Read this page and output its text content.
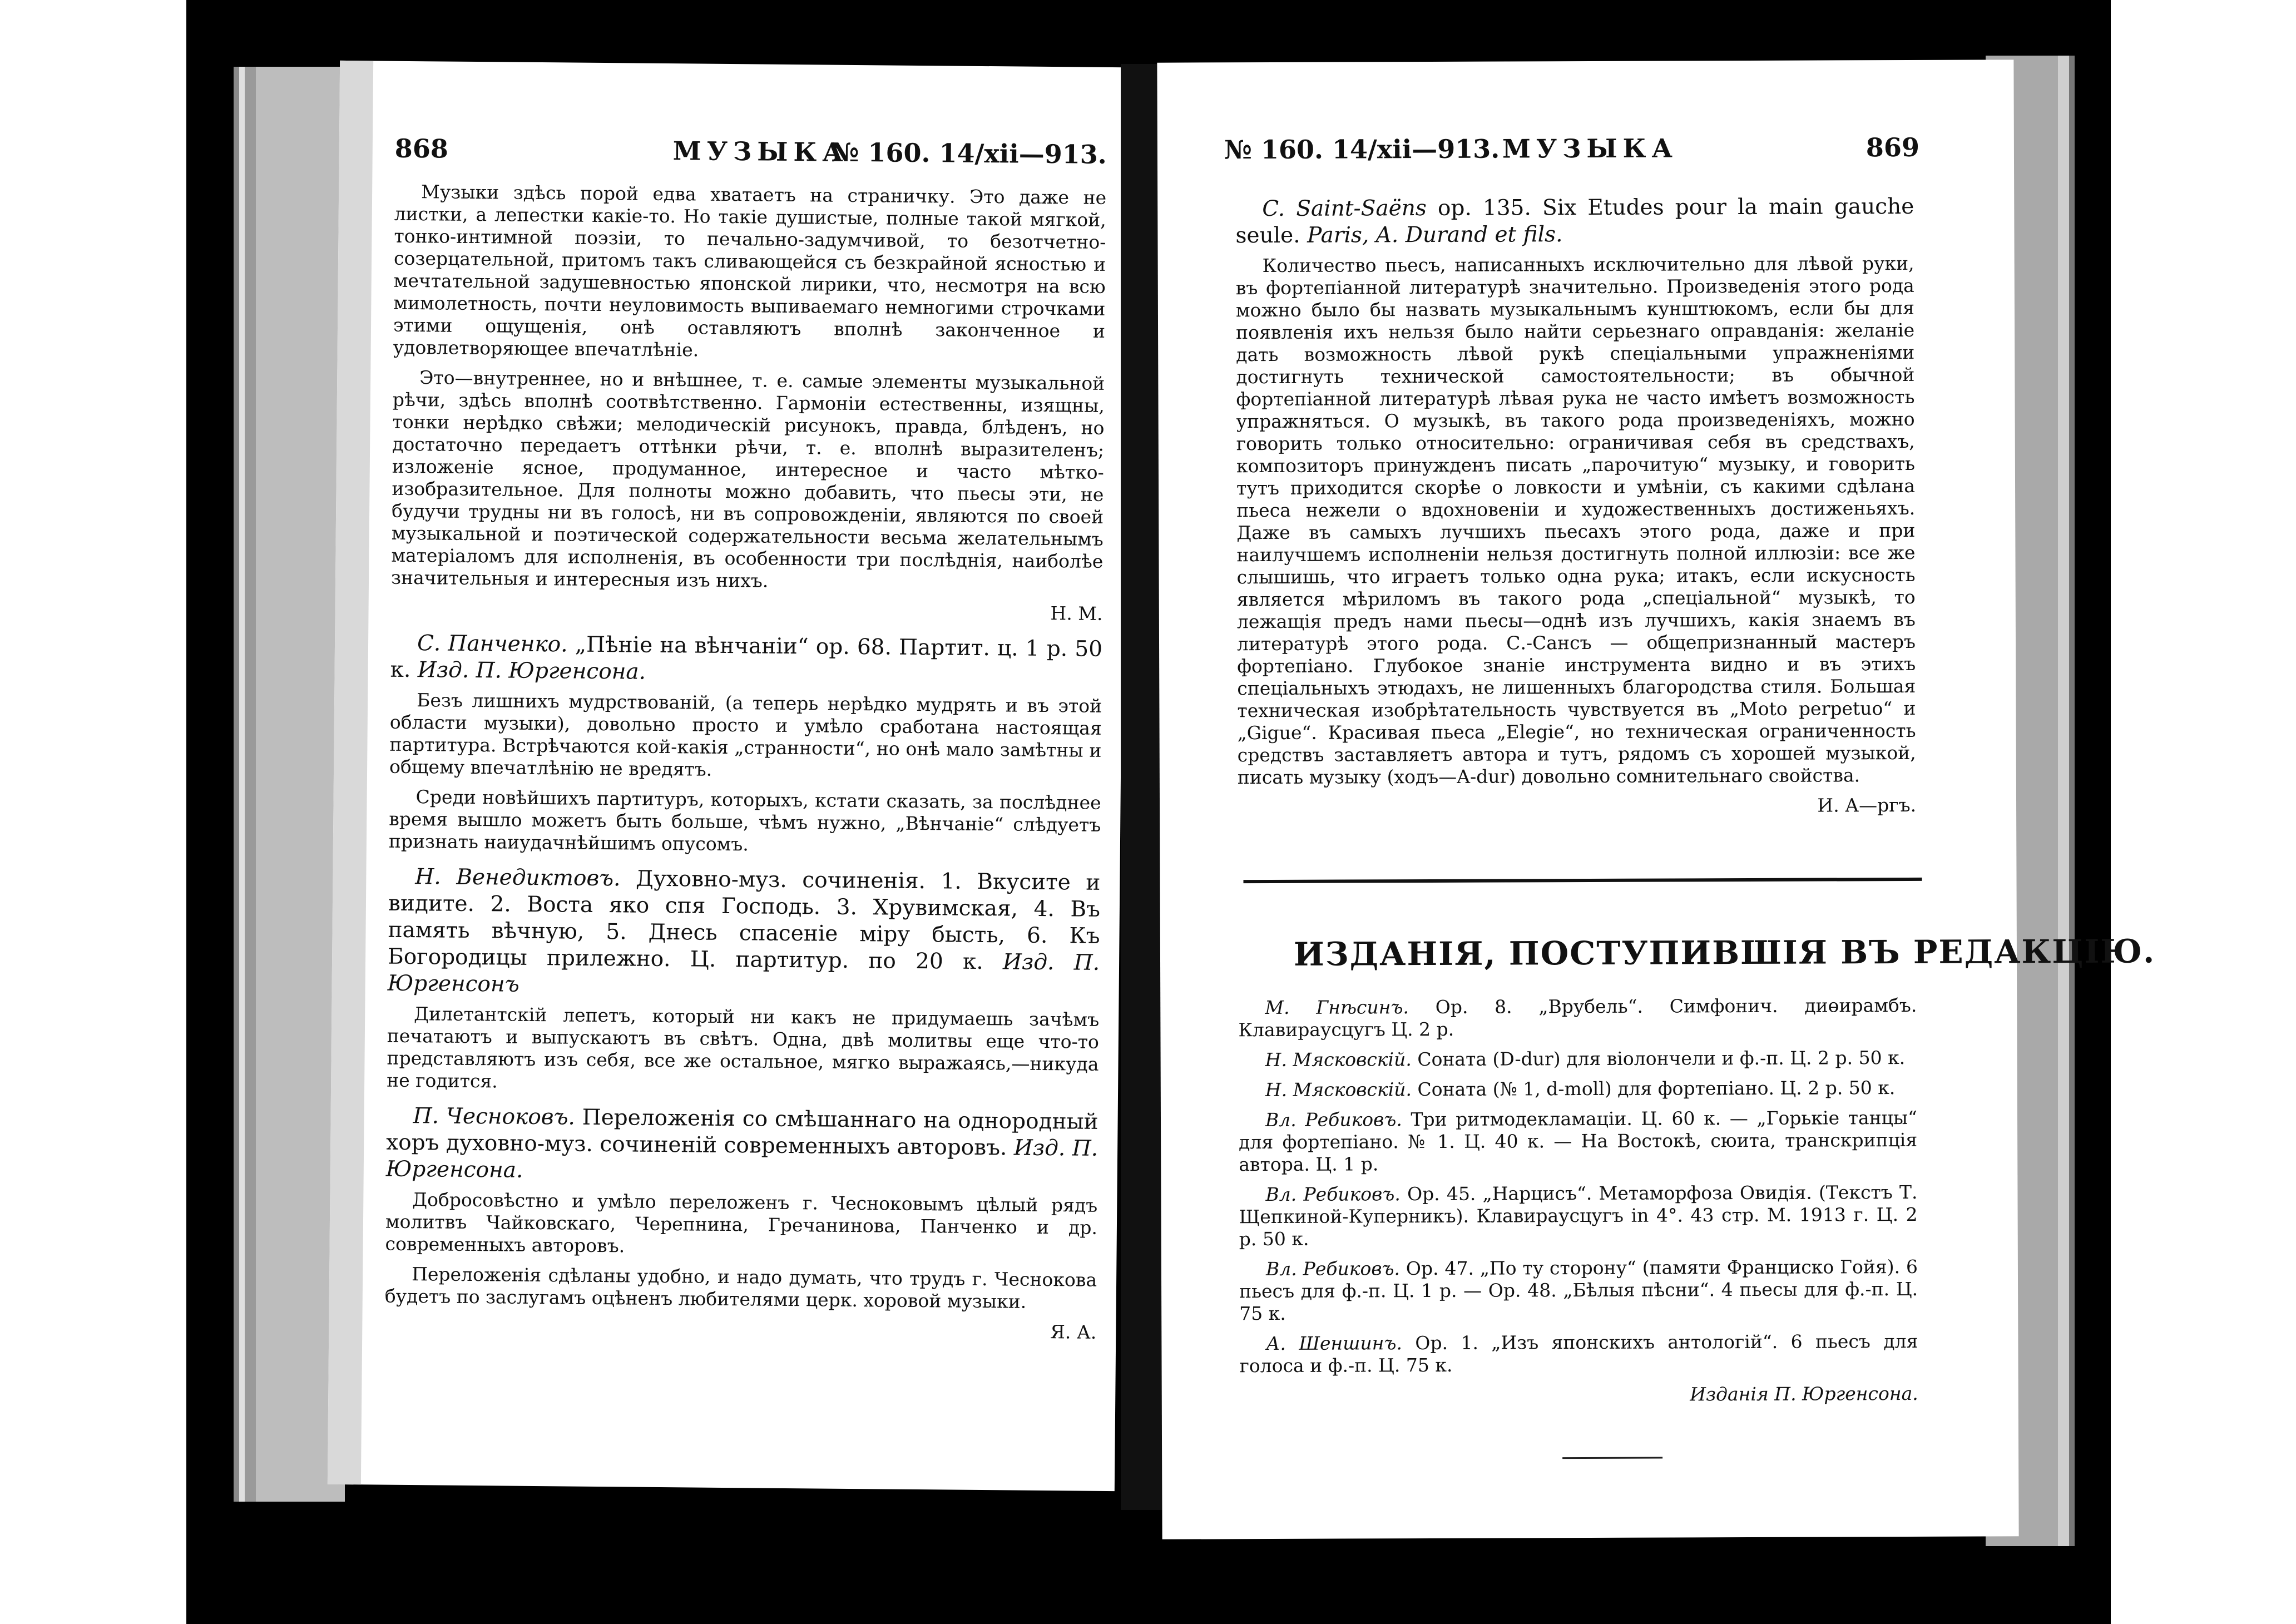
868	МУЗЫКА
№ 160. 14/xii—913.

Музыки здѣсь порой едва хватаетъ на страничку. Это даже не листки, а лепестки какіе-то. Но такіе душистые, полные такой мягкой, тонко-интимной поэзіи, то печально-задумчивой, то безотчетно-созерцательной, притомъ такъ сливающейся съ безкрайной ясностью и мечтательной задушевностью японской лирики, что, несмотря на всю мимолетность, почти неуловимость выпиваемаго немногими строчками этими ощущенія, онѣ оставляютъ вполнѣ законченное и удовлетворяющее впечатлѣніе.

Это—внутреннее, но и внѣшнее, т. е. самые элементы музыкальной рѣчи, здѣсь вполнѣ соотвѣтственно. Гармоніи естественны, изящны, тонки нерѣдко свѣжи; мелодическій рисунокъ, правда, блѣденъ, но достаточно передаетъ оттѣнки рѣчи, т. е. вполнѣ выразителенъ; изложеніе ясное, продуманное, интересное и часто мѣтко-изобразительное. Для полноты можно добавить, что пьесы эти, не будучи трудны ни въ голосѣ, ни въ сопровожденіи, являются по своей музыкальной и поэтической содержательности весьма желательнымъ матеріаломъ для исполненія, въ особенности три послѣднія, наиболѣе значительныя и интересныя изъ нихъ.

Н. М.

С. Панченко. „Пѣніе на вѣнчаніи“ ор. 68. Партит. ц. 1 р. 50 к. Изд. П. Юргенсона.

Безъ лишнихъ мудрствованій, (а теперь нерѣдко мудрять и въ этой области музыки), довольно просто и умѣло сработана настоящая партитура. Встрѣчаются кой-какія „странности“, но онѣ мало замѣтны и общему впечатлѣнію не вредятъ.

Среди новѣйшихъ партитуръ, которыхъ, кстати сказать, за послѣднее время вышло можетъ быть больше, чѣмъ нужно, „Вѣнчаніе“ слѣдуетъ признать наиудачнѣйшимъ опусомъ.

Н. Венедиктовъ. Духовно-муз. сочиненія. 1. Вкусите и видите. 2. Воста яко спя Господь. 3. Хрувимская, 4. Въ память вѣчную, 5. Днесь спасеніе міру бысть, 6. Къ Богородицы прилежно. Ц. партитур. по 20 к. Изд. П. Юргенсонъ

Дилетантскій лепетъ, который ни какъ не придумаешь зачѣмъ печатаютъ и выпускаютъ въ свѣтъ. Одна, двѣ молитвы еще что-то представляютъ изъ себя, все же остальное, мягко выражаясь,—никуда не годится.

П. Чесноковъ. Переложенія со смѣшаннаго на однородный хоръ духовно-муз. сочиненій современныхъ авторовъ. Изд. П. Юргенсона.

Добросовѣстно и умѣло переложенъ г. Чесноковымъ цѣлый рядъ молитвъ Чайковскаго, Черепнина, Гречанинова, Панченко и др. современныхъ авторовъ.

Переложенія сдѣланы удобно, и надо думать, что трудъ г. Чеснокова будетъ по заслугамъ оцѣненъ любителями церк. хоровой музыки.

Я. А.

№ 160. 14/xii—913. МУЗЫКА	869

C. Saint-Saëns op. 135. Six Etudes pour la main gauche seule. Paris, A. Durand et fils.

Количество пьесъ, написанныхъ исключительно для лѣвой руки, въ фортепіанной литературѣ значительно. Произведенія этого рода можно было бы назвать музыкальнымъ кунштюкомъ, если бы для появленія ихъ нельзя было найти серьезнаго оправданія: желаніе дать возможность лѣвой рукѣ спеціальными упражненіями достигнуть технической самостоятельности; въ обычной фортепіанной литературѣ лѣвая рука не часто имѣетъ возможность упражняться. О музыкѣ, въ такого рода произведеніяхъ, можно говорить только относительно: ограничивая себя въ средствахъ, композиторъ принужденъ писать „парочитую“ музыку, и говорить тутъ приходится скорѣе о ловкости и умѣніи, съ какими сдѣлана пьеса нежели о вдохновеніи и художественныхъ достиженьяхъ. Даже въ самыхъ лучшихъ пьесахъ этого рода, даже и при наилучшемъ исполненіи нельзя достигнуть полной иллюзіи: все же слышишь, что играетъ только одна рука; итакъ, если искусность является мѣриломъ въ такого рода „спеціальной“ музыкѣ, то лежащія предъ нами пьесы—однѣ изъ лучшихъ, какія знаемъ въ литературѣ этого рода. С.-Сансъ — общепризнанный мастеръ фортепіано. Глубокое знаніе инструмента видно и въ этихъ спеціальныхъ этюдахъ, не лишенныхъ благородства стиля. Большая техническая изобрѣтательность чувствуется въ „Moto perpetuo“ и „Gigue“. Красивая пьеса „Elegie“, но техническая ограниченность средствъ заставляетъ автора и тутъ, рядомъ съ хорошей музыкой, писать музыку (ходъ—A-dur) довольно сомнительнаго свойства.

И. А—ргъ.

ИЗДАНІЯ, ПОСТУПИВШІЯ ВЪ РЕДАКЦІЮ.

М. Гнѣсинъ. Ор. 8. „Врубель“. Симфонич. диөирамбъ. Клавираусцугъ Ц. 2 р.

Н. Мясковскій. Соната (D-dur) для віолончели и ф.-п. Ц. 2 р. 50 к.

Н. Мясковскій. Соната (№ 1, d-moll) для фортепіано. Ц. 2 р. 50 к.

Вл. Ребиковъ. Три ритмодекламаціи. Ц. 60 к. — „Горькіе танцы“ для фортепіано. № 1. Ц. 40 к. — На Востокѣ, сюита, транскрипція автора. Ц. 1 р.

Вл. Ребиковъ. Ор. 45. „Нарцисъ“. Метаморфоза Овидія. (Текстъ Т. Щепкиной-Куперникъ). Клавираусцугъ in 4°. 43 стр. М. 1913 г. Ц. 2 р. 50 к.

Вл. Ребиковъ. Ор. 47. „По ту сторону“ (памяти Франциско Гойя). 6 пьесъ для ф.-п. Ц. 1 р. — Ор. 48. „Бѣлыя пѣсни“. 4 пьесы для ф.-п. Ц. 75 к.

А. Шеншинъ. Ор. 1. „Изъ японскихъ антологій“. 6 пьесъ для голоса и ф.-п. Ц. 75 к.

Изданія П. Юргенсона.
